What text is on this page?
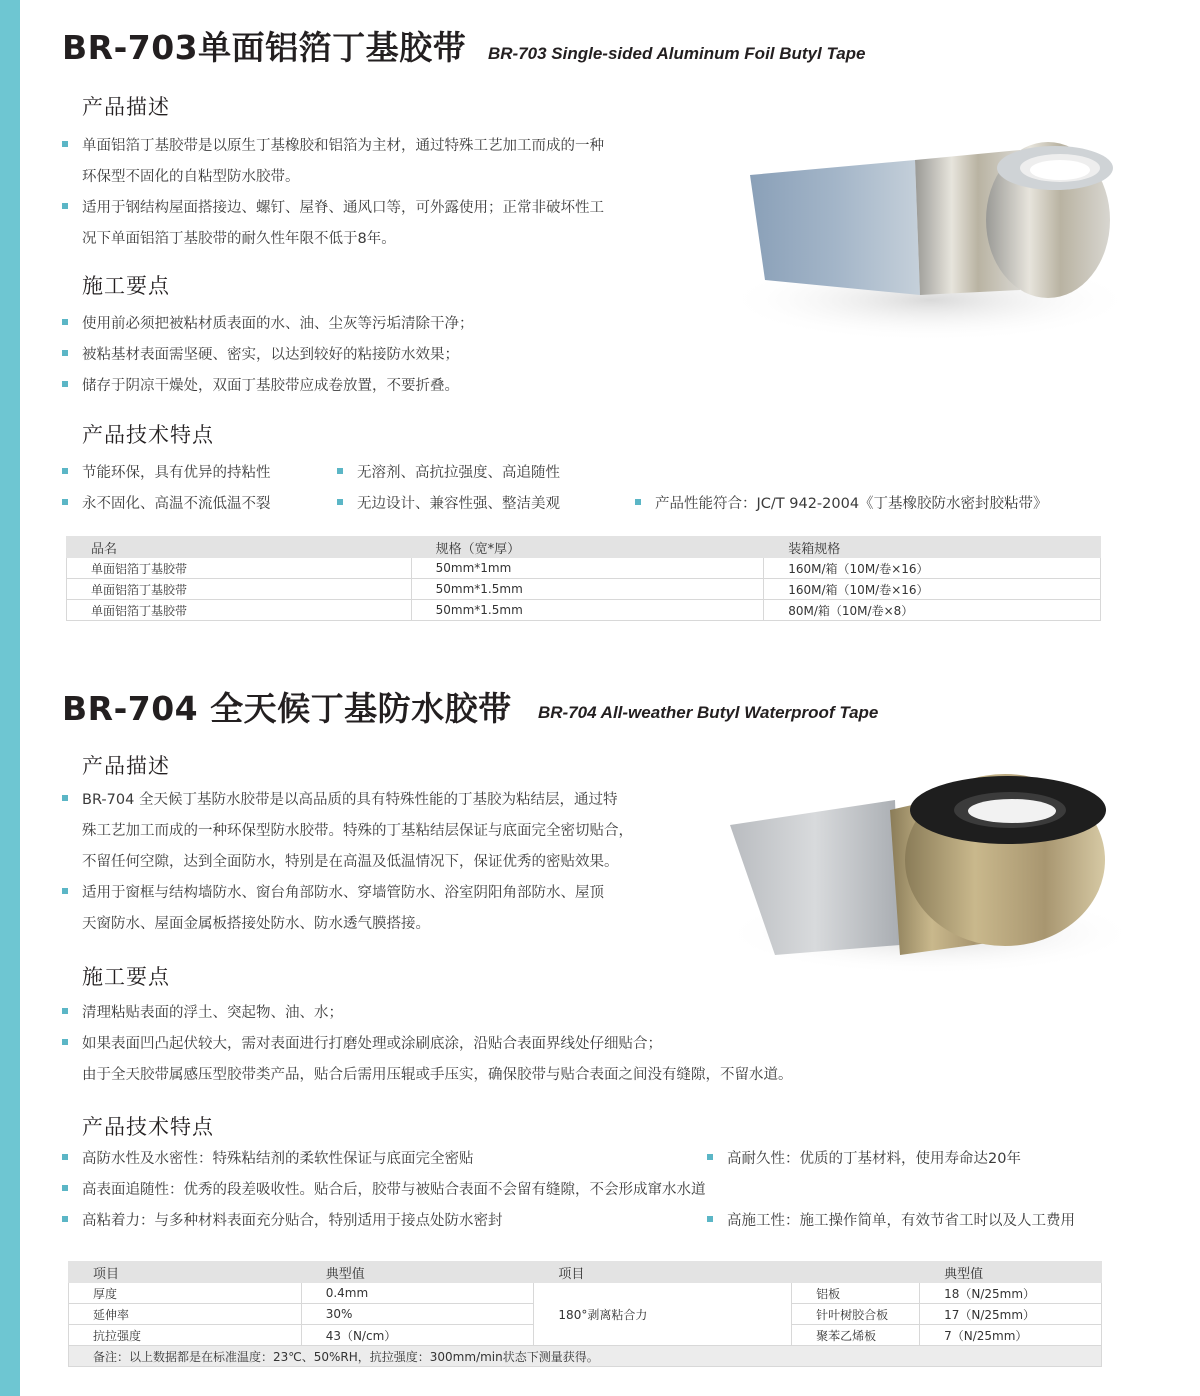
BR-703单面铝箔丁基胶带 BR-703 Single-sided Aluminum Foil Butyl Tape
产品描述
单面铝箔丁基胶带是以原生丁基橡胶和铝箔为主材，通过特殊工艺加工而成的一种
环保型不固化的自粘型防水胶带。
适用于钢结构屋面搭接边、螺钉、屋脊、通风口等，可外露使用；正常非破坏性工
况下单面铝箔丁基胶带的耐久性年限不低于8年。
施工要点
使用前必须把被粘材质表面的水、油、尘灰等污垢清除干净；
被粘基材表面需坚硬、密实，以达到较好的粘接防水效果；
储存于阴凉干燥处，双面丁基胶带应成卷放置，不要折叠。
产品技术特点
节能环保，具有优异的持粘性	无溶剂、高抗拉强度、高追随性
永不固化、高温不流低温不裂	无边设计、兼容性强、整洁美观	产品性能符合：JC/T 942-2004《丁基橡胶防水密封胶粘带》
品名	规格（宽*厚）	装箱规格
单面铝箔丁基胶带	50mm*1mm	160M/箱（10M/卷×16）
单面铝箔丁基胶带	50mm*1.5mm	160M/箱（10M/卷×16）
单面铝箔丁基胶带	50mm*1.5mm	80M/箱（10M/卷×8）
BR-704 全天候丁基防水胶带 BR-704 All-weather Butyl Waterproof Tape
产品描述
BR-704 全天候丁基防水胶带是以高品质的具有特殊性能的丁基胶为粘结层，通过特
殊工艺加工而成的一种环保型防水胶带。特殊的丁基粘结层保证与底面完全密切贴合，
不留任何空隙，达到全面防水，特别是在高温及低温情况下，保证优秀的密贴效果。
适用于窗框与结构墙防水、窗台角部防水、穿墙管防水、浴室阴阳角部防水、屋顶
天窗防水、屋面金属板搭接处防水、防水透气膜搭接。
施工要点
清理粘贴表面的浮土、突起物、油、水；
如果表面凹凸起伏较大，需对表面进行打磨处理或涂刷底涂，沿贴合表面界线处仔细贴合；
由于全天胶带属感压型胶带类产品，贴合后需用压辊或手压实，确保胶带与贴合表面之间没有缝隙，不留水道。
产品技术特点
高防水性及水密性：特殊粘结剂的柔软性保证与底面完全密贴	高耐久性：优质的丁基材料，使用寿命达20年
高表面追随性：优秀的段差吸收性。贴合后，胶带与被贴合表面不会留有缝隙，不会形成窜水水道
高粘着力：与多种材料表面充分贴合，特别适用于接点处防水密封	高施工性：施工操作简单，有效节省工时以及人工费用
项目	典型值	项目		典型值
厚度	0.4mm	180°剥离粘合力	铝板	18（N/25mm）
延伸率	30%		针叶树胶合板	17（N/25mm）
抗拉强度	43（N/cm）		聚苯乙烯板	7（N/25mm）
备注：以上数据都是在标准温度：23℃、50%RH，抗拉强度：300mm/min状态下测量获得。				
